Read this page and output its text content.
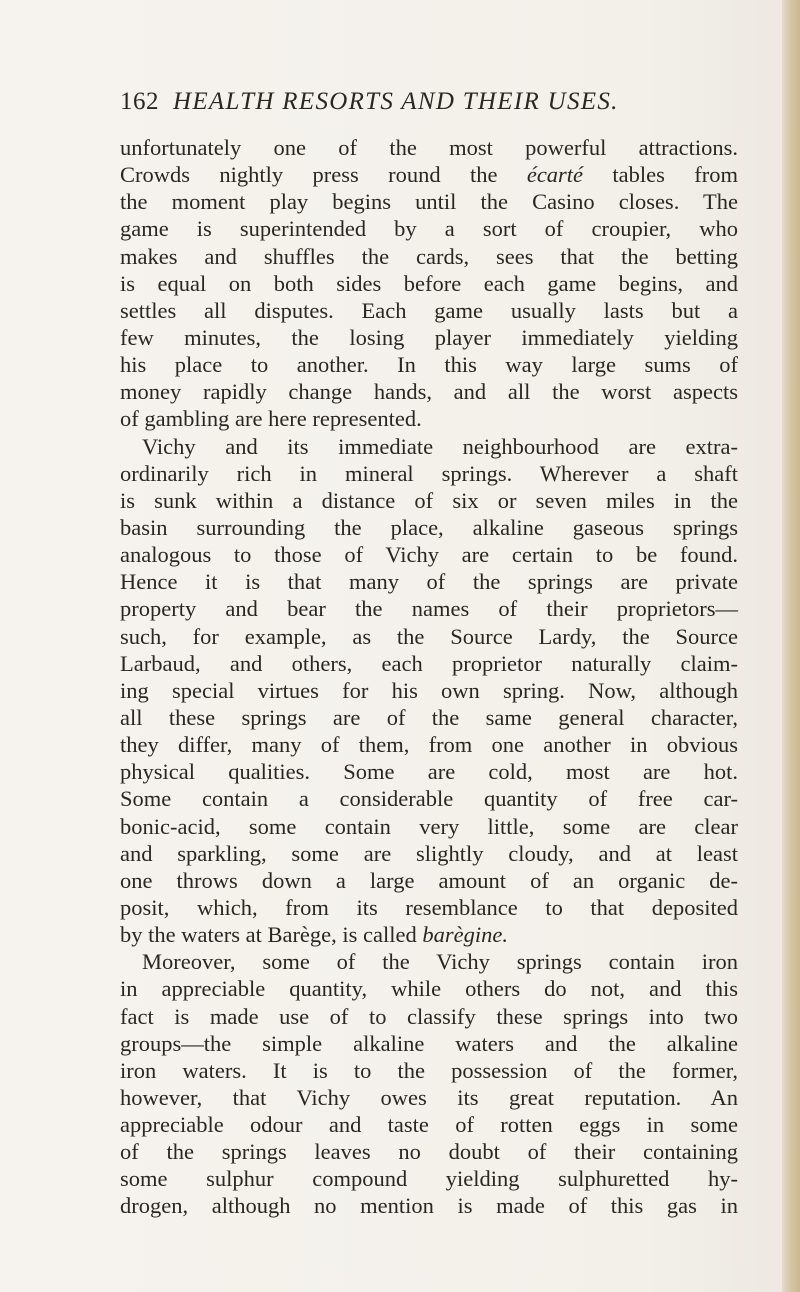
162 HEALTH RESORTS AND THEIR USES.
unfortunately one of the most powerful attractions.
Crowds nightly press round the écarté tables from
the moment play begins until the Casino closes. The
game is superintended by a sort of croupier, who
makes and shuffles the cards, sees that the betting
is equal on both sides before each game begins, and
settles all disputes. Each game usually lasts but a
few minutes, the losing player immediately yielding
his place to another. In this way large sums of
money rapidly change hands, and all the worst aspects
of gambling are here represented.
Vichy and its immediate neighbourhood are extra-
ordinarily rich in mineral springs. Wherever a shaft
is sunk within a distance of six or seven miles in the
basin surrounding the place, alkaline gaseous springs
analogous to those of Vichy are certain to be found.
Hence it is that many of the springs are private
property and bear the names of their proprietors—
such, for example, as the Source Lardy, the Source
Larbaud, and others, each proprietor naturally claim-
ing special virtues for his own spring. Now, although
all these springs are of the same general character,
they differ, many of them, from one another in obvious
physical qualities. Some are cold, most are hot.
Some contain a considerable quantity of free car-
bonic-acid, some contain very little, some are clear
and sparkling, some are slightly cloudy, and at least
one throws down a large amount of an organic de-
posit, which, from its resemblance to that deposited
by the waters at Barège, is called barègine.
Moreover, some of the Vichy springs contain iron
in appreciable quantity, while others do not, and this
fact is made use of to classify these springs into two
groups—the simple alkaline waters and the alkaline
iron waters. It is to the possession of the former,
however, that Vichy owes its great reputation. An
appreciable odour and taste of rotten eggs in some
of the springs leaves no doubt of their containing
some sulphur compound yielding sulphuretted hy-
drogen, although no mention is made of this gas in
